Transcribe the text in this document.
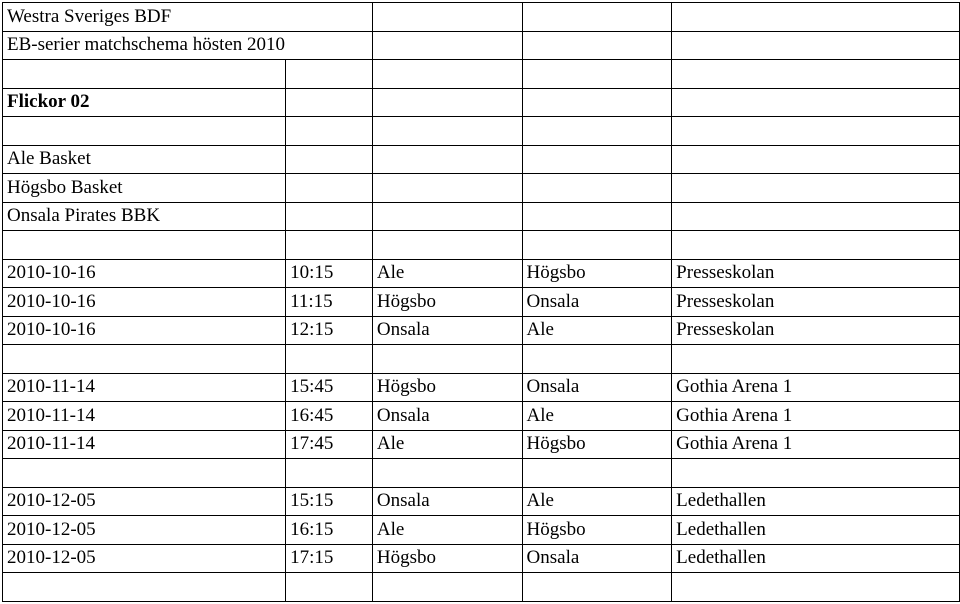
Westra Sveriges BDF				
EB-serier matchschema hösten 2010				

Flickor 02				

Ale Basket				
Högsbo Basket				
Onsala Pirates BBK				

2010-10-16	10:15	Ale	Högsbo	Presseskolan
2010-10-16	11:15	Högsbo	Onsala	Presseskolan
2010-10-16	12:15	Onsala	Ale	Presseskolan

2010-11-14	15:45	Högsbo	Onsala	Gothia Arena 1
2010-11-14	16:45	Onsala	Ale	Gothia Arena 1
2010-11-14	17:45	Ale	Högsbo	Gothia Arena 1

2010-12-05	15:15	Onsala	Ale	Ledethallen
2010-12-05	16:15	Ale	Högsbo	Ledethallen
2010-12-05	17:15	Högsbo	Onsala	Ledethallen
